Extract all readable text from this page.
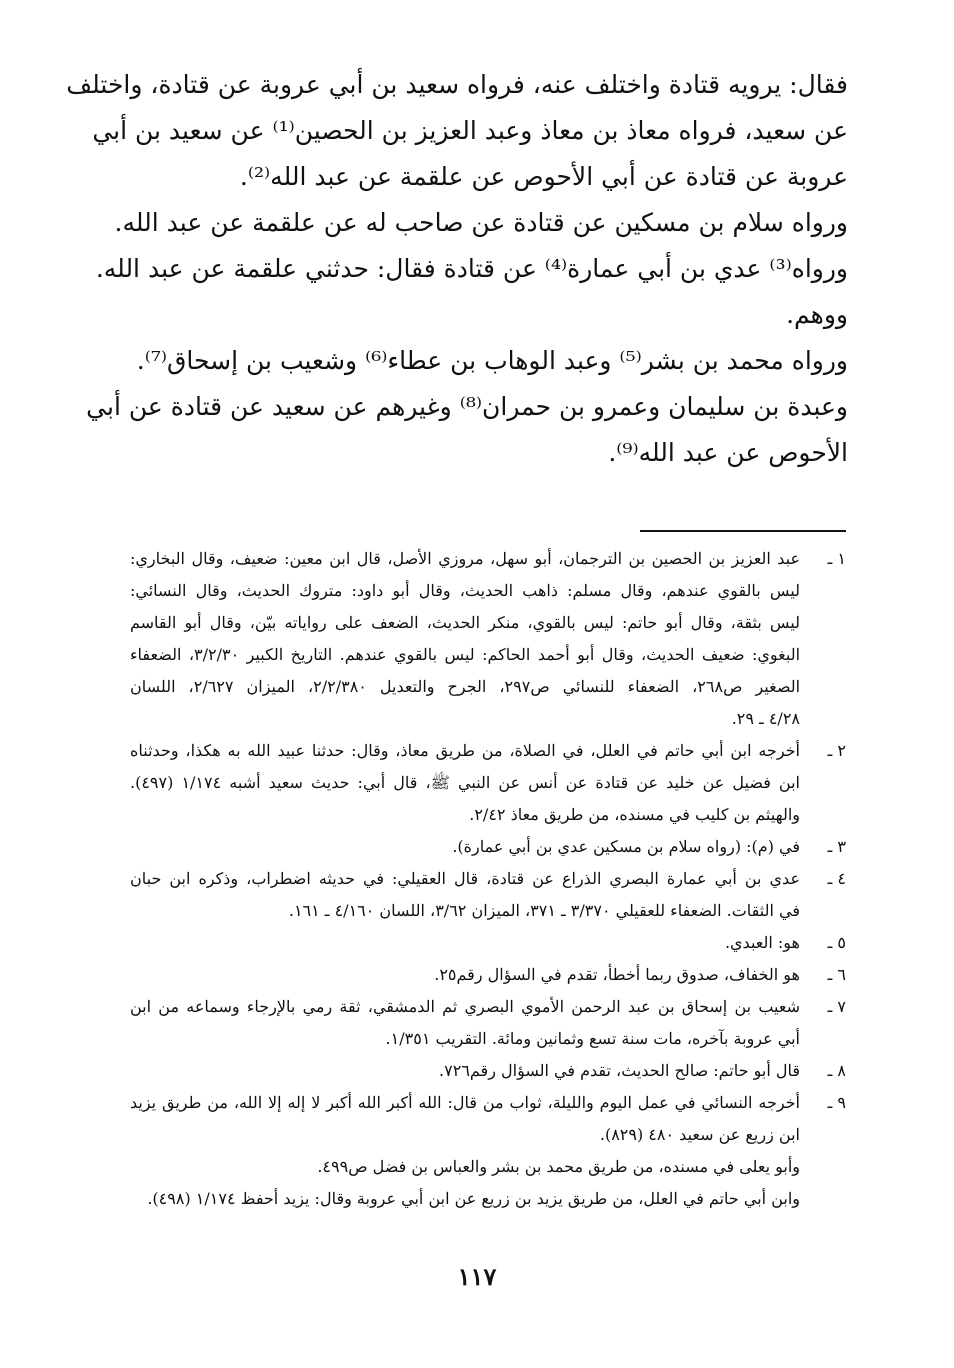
فقال: يرويه قتادة واختلف عنه، فرواه سعيد بن أبي عروبة عن قتادة، واختلف
عن سعيد، فرواه معاذ بن معاذ وعبد العزيز بن الحصين⁽¹⁾ عن سعيد بن أبي
عروبة عن قتادة عن أبي الأحوص عن علقمة عن عبد الله⁽²⁾.
ورواه سلام بن مسكين عن قتادة عن صاحب له عن علقمة عن عبد الله.
ورواه⁽³⁾ عدي بن أبي عمارة⁽⁴⁾ عن قتادة فقال: حدثني علقمة عن عبد الله.
ووهم.
ورواه محمد بن بشر⁽⁵⁾ وعبد الوهاب بن عطاء⁽⁶⁾ وشعيب بن إسحاق⁽⁷⁾.
وعبدة بن سليمان وعمرو بن حمران⁽⁸⁾ وغيرهم عن سعيد عن قتادة عن أبي
الأحوص عن عبد الله⁽⁹⁾.
١ ـ
عبد العزيز بن الحصين بن الترجمان، أبو سهل، مروزي الأصل، قال ابن معين: ضعيف، وقال البخاري:
ليس بالقوي عندهم، وقال مسلم: ذاهب الحديث، وقال أبو داود: متروك الحديث، وقال النسائي:
ليس بثقة، وقال أبو حاتم: ليس بالقوي، منكر الحديث، الضعف على رواياته بيّن، وقال أبو القاسم
البغوي: ضعيف الحديث، وقال أبو أحمد الحاكم: ليس بالقوي عندهم. التاريخ الكبير ٣/٢/٣٠، الضعفاء
الصغير ص٢٦٨، الضعفاء للنسائي ص٢٩٧، الجرح والتعديل ٢/٢/٣٨٠، الميزان ٢/٦٢٧، اللسان
٤/٢٨ ـ ٢٩.
٢ ـ
أخرجه ابن أبي حاتم في العلل، في الصلاة، من طريق معاذ، وقال: حدثنا عبيد الله به هكذا، وحدثناه
ابن فضيل عن خليد عن قتادة عن أنس عن النبي ﷺ، قال أبي: حديث سعيد أشبه ١/١٧٤ (٤٩٧).
والهيثم بن كليب في مسنده، من طريق معاذ ٢/٤٢.
٣ ـ
في (م): (رواه سلام بن مسكين عدي بن أبي عمارة).
٤ ـ
عدي بن أبي عمارة البصري الذراع عن قتادة، قال العقيلي: في حديثه اضطراب، وذكره ابن حبان
في الثقات. الضعفاء للعقيلي ٣/٣٧٠ ـ ٣٧١، الميزان ٣/٦٢، اللسان ٤/١٦٠ ـ ١٦١.
٥ ـ
هو: العبدي.
٦ ـ
هو الخفاف، صدوق ربما أخطأ، تقدم في السؤال رقم٢٥.
٧ ـ
شعيب بن إسحاق بن عبد الرحمن الأموي البصري ثم الدمشقي، ثقة رمي بالإرجاء وسماعه من ابن
أبي عروبة بآخره، مات سنة تسع وثمانين ومائة. التقريب ١/٣٥١.
٨ ـ
قال أبو حاتم: صالح الحديث، تقدم في السؤال رقم٧٢٦.
٩ ـ
أخرجه النسائي في عمل اليوم والليلة، ثواب من قال: الله أكبر الله أكبر لا إله إلا الله، من طريق يزيد
ابن زريع عن سعيد ٤٨٠ (٨٢٩).
وأبو يعلى في مسنده، من طريق محمد بن بشر والعباس بن فضل ص٤٩٩.
وابن أبي حاتم في العلل، من طريق يزيد بن زريع عن ابن أبي عروبة وقال: يزيد أحفظ ١/١٧٤ (٤٩٨).
١١٧
